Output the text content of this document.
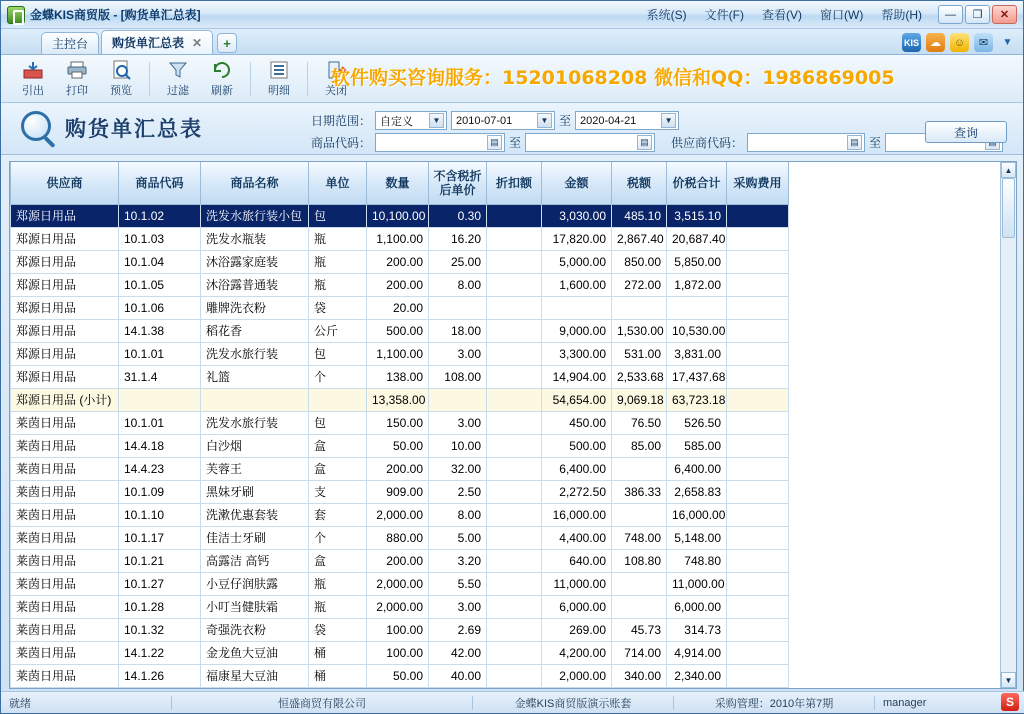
金蝶KIS商贸版 - [购货单汇总表]	系统(S)	文件(F)	查看(V)	窗口(W)	帮助(H)	—	❐	✕
主控台 购货单汇总表 ✕	+	KIS	☁	☺	✉	▼
引出 打印 预览	过滤 刷新	明细	关闭
软件购买咨询服务：15201068208 微信和QQ：1986869005
购货单汇总表	日期范围： 自定义	▼	2010-07-01	▼ 至 2020-04-21	▼
商品代码：	▤ 至	▤ 供应商代码：	▤ 至
查询
供应商	商品代码	商品名称	单位	数量	不含税折后单价	折扣额	金额	税额	价税合计	采购费用
郑源日用品	10.1.02	洗发水旅行装小包	包	10,100.00	0.30		3,030.00	485.10	3,515.10	
郑源日用品	10.1.03	洗发水瓶装	瓶	1,100.00	16.20		17,820.00	2,867.40	20,687.40	
郑源日用品	10.1.04	沐浴露家庭装	瓶	200.00	25.00		5,000.00	850.00	5,850.00	
郑源日用品	10.1.05	沐浴露普通装	瓶	200.00	8.00		1,600.00	272.00	1,872.00	
郑源日用品	10.1.06	雕牌洗衣粉	袋	20.00						
郑源日用品	14.1.38	稻花香	公斤	500.00	18.00		9,000.00	1,530.00	10,530.00	
郑源日用品	10.1.01	洗发水旅行装	包	1,100.00	3.00		3,300.00	531.00	3,831.00	
郑源日用品	31.1.4	礼篮	个	138.00	108.00		14,904.00	2,533.68	17,437.68	
郑源日用品 (小计)				13,358.00			54,654.00	9,069.18	63,723.18	
莱茵日用品	10.1.01	洗发水旅行装	包	150.00	3.00		450.00	76.50	526.50	
莱茵日用品	14.4.18	白沙烟	盒	50.00	10.00		500.00	85.00	585.00	
莱茵日用品	14.4.23	芙蓉王	盒	200.00	32.00		6,400.00		6,400.00	
莱茵日用品	10.1.09	黑妹牙刷	支	909.00	2.50		2,272.50	386.33	2,658.83	
莱茵日用品	10.1.10	洗漱优惠套装	套	2,000.00	8.00		16,000.00		16,000.00	
莱茵日用品	10.1.17	佳洁士牙刷	个	880.00	5.00		4,400.00	748.00	5,148.00	
莱茵日用品	10.1.21	高露洁 高钙	盒	200.00	3.20		640.00	108.80	748.80	
莱茵日用品	10.1.27	小豆仔润肤露	瓶	2,000.00	5.50		11,000.00		11,000.00	
莱茵日用品	10.1.28	小叮当健肤霜	瓶	2,000.00	3.00		6,000.00		6,000.00	
莱茵日用品	10.1.32	奇强洗衣粉	袋	100.00	2.69		269.00	45.73	314.73	
莱茵日用品	14.1.22	金龙鱼大豆油	桶	100.00	42.00		4,200.00	714.00	4,914.00	
莱茵日用品	14.1.26	福康星大豆油	桶	50.00	40.00		2,000.00	340.00	2,340.00	

▲
▼
就绪	恒盛商贸有限公司	金蝶KIS商贸版演示账套	采购管理：2010年第7期	manager	S
